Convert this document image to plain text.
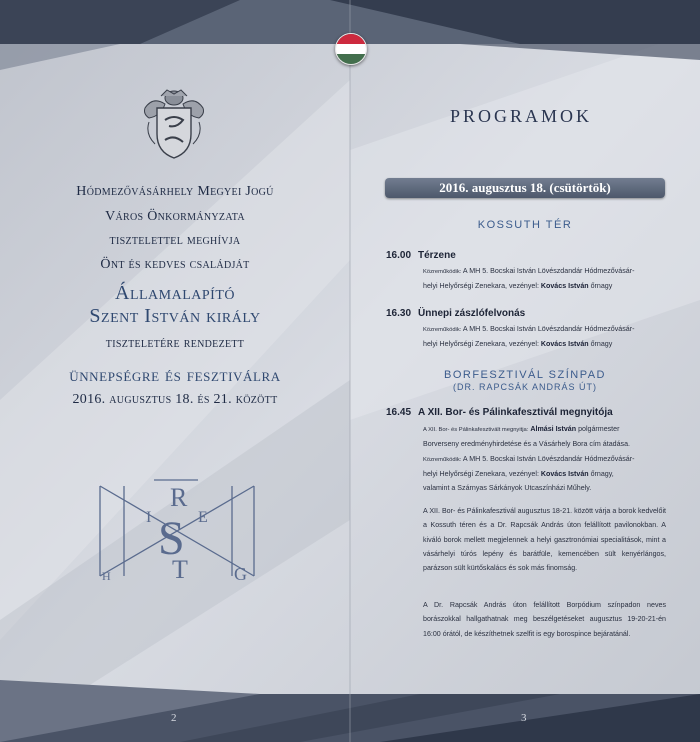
Hódmezővásárhely Megyei Jogú
Város Önkormányzata
tisztelettel meghívja
Önt és kedves családját
Államalapító
Szent István király
tiszteletére rendezett
ünnepségre és fesztiválra
2016. augusztus 18. és 21. között
R
S E
T
I
G
H
2
PROGRAMOK
2016. augusztus 18. (csütörtök)
KOSSUTH TÉR
16.00 Térzene
Közreműködik: A MH 5. Bocskai István Lövészdandár Hódmezővásár-
helyi Helyőrségi Zenekara, vezényel: Kovács István őrnagy
16.30 Ünnepi zászlófelvonás
Közreműködik: A MH 5. Bocskai István Lövészdandár Hódmezővásár-
helyi Helyőrségi Zenekara, vezényel: Kovács István őrnagy
BORFESZTIVÁL SZÍNPAD
(DR. RAPCSÁK ANDRÁS ÚT)
16.45 A XII. Bor- és Pálinkafesztivál megnyitója
A XII. Bor- és Pálinkafesztivált megnyitja: Almási István polgármester
Borverseny eredményhirdetése és a Vásárhely Bora cím átadása.
Közreműködik: A MH 5. Bocskai István Lövészdandár Hódmezővásár-
helyi Helyőrségi Zenekara, vezényel: Kovács István őrnagy,
valamint a Szárnyas Sárkányok Utcaszínházi Műhely.
A XII. Bor- és Pálinkafesztivál augusztus 18-21. között várja a borok kedvelőit a Kossuth téren és a Dr. Rapcsák András úton felállított pavilonokban. A kiváló borok mellett megjelennek a helyi gasztronómiai specialitások, mint a vásárhelyi túrós lepény és barátfüle, kemencében sült kenyérlángos, parázson sült kürtőskalács és sok más finomság.
A Dr. Rapcsák András úton felállított Borpódium színpadon neves borászokkal hallgathatnak meg beszélgetéseket augusztus 19-20-21-én 16:00 órától, de készíthetnek szelfit is egy borospince bejáratánál.
3
